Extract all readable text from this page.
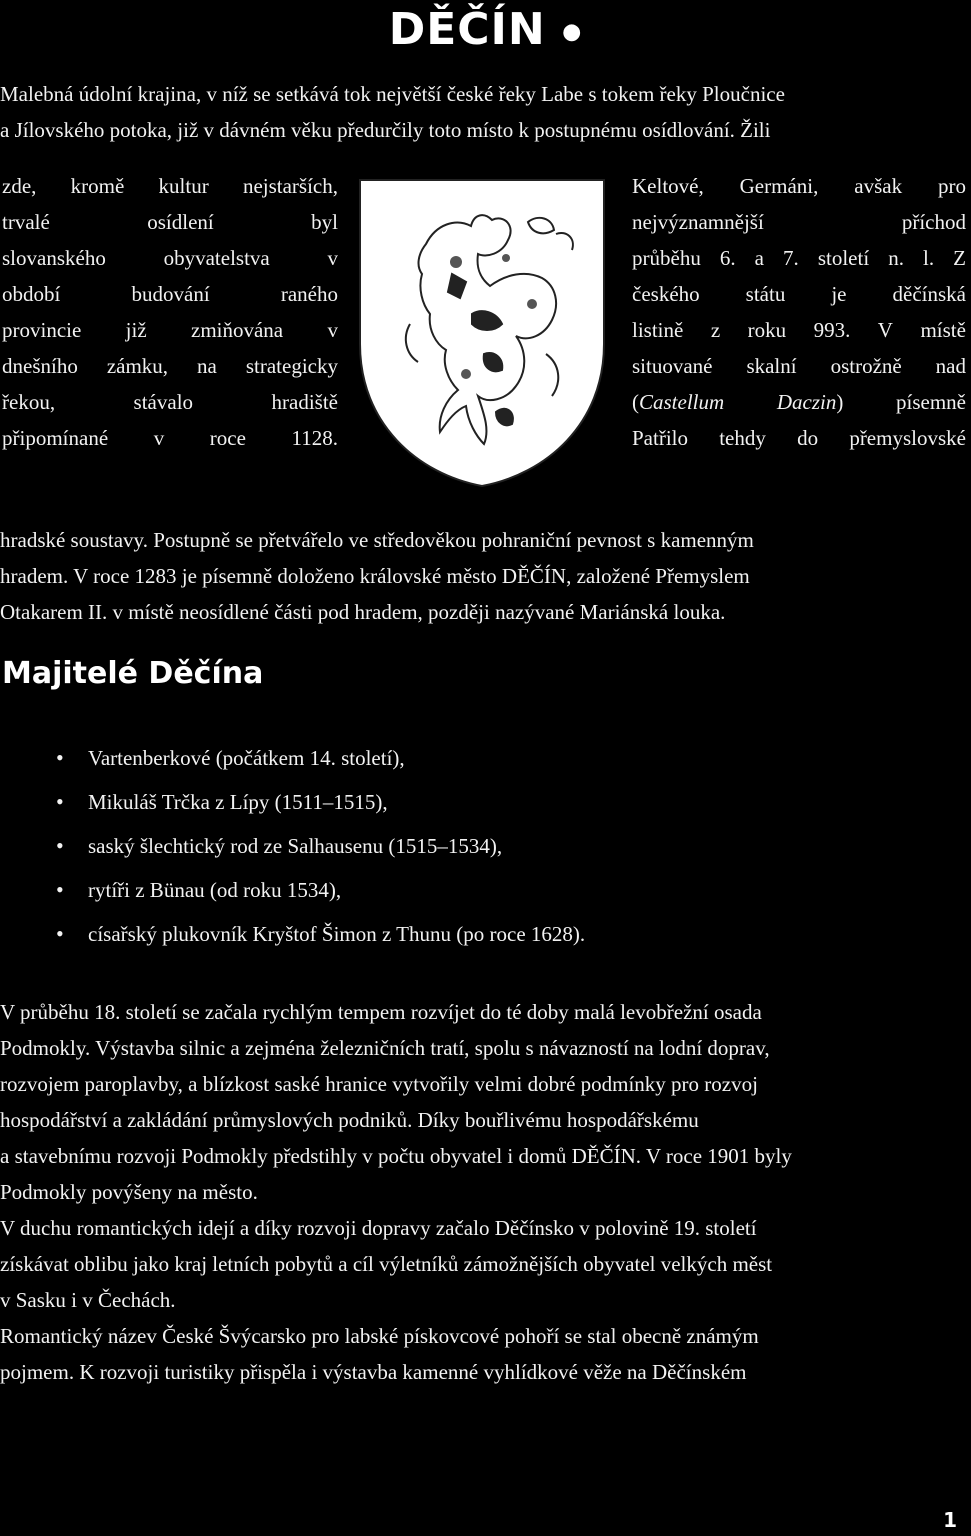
DĚČÍN ●
Malebná údolní krajina, v níž se setkává tok největší české řeky Labe s tokem řeky Ploučnice
a Jílovského potoka, již v dávném věku předurčily toto místo k postupnému osídlování. Žili
zde, kromě kultur nejstarších,
trvalé	osídlení	byl
slovanského	obyvatelstva	v
období	budování	raného
provincie již zmiňována v
dnešního zámku, na strategicky
řekou,	stávalo	hradiště
připomínané v roce 1128.
Keltové, Germáni, avšak pro
nejvýznamnější	příchod
průběhu 6. a 7. století n. l. Z
českého státu je děčínská
listině z roku 993. V místě
situované skalní ostrožně nad
(Castellum	Daczin)	písemně
Patřilo tehdy do přemyslovské
hradské soustavy. Postupně se přetvářelo ve středověkou pohraniční pevnost s kamenným
hradem. V roce 1283 je písemně doloženo královské město DĚČÍN, založené Přemyslem
Otakarem II. v místě neosídlené části pod hradem, později nazývané Mariánská louka.
Majitelé Děčína
• Vartenberkové (počátkem 14. století),
• Mikuláš Trčka z Lípy (1511–1515),
• saský šlechtický rod ze Salhausenu (1515–1534),
• rytíři z Bünau (od roku 1534),
• císařský plukovník Kryštof Šimon z Thunu (po roce 1628).
V průběhu 18. století se začala rychlým tempem rozvíjet do té doby malá levobřežní osada
Podmokly. Výstavba silnic a zejména železničních tratí, spolu s návazností na lodní doprav,
rozvojem paroplavby, a blízkost saské hranice vytvořily velmi dobré podmínky pro rozvoj
hospodářství a zakládání průmyslových podniků. Díky bouřlivému hospodářskému
a stavebnímu rozvoji Podmokly předstihly v počtu obyvatel i domů DĚČÍN. V roce 1901 byly
Podmokly povýšeny na město.
V duchu romantických idejí a díky rozvoji dopravy začalo Děčínsko v polovině 19. století
získávat oblibu jako kraj letních pobytů a cíl výletníků zámožnějších obyvatel velkých měst
v Sasku i v Čechách.
Romantický název České Švýcarsko pro labské pískovcové pohoří se stal obecně známým
pojmem. K rozvoji turistiky přispěla i výstavba kamenné vyhlídkové věže na Děčínském
1
